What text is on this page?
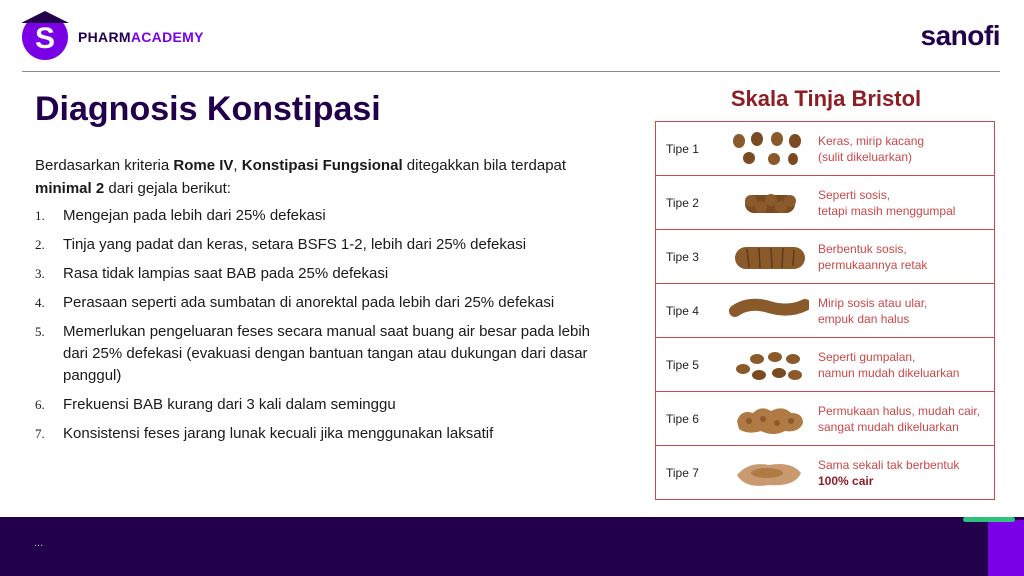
S PHARMACADEMY	sanofi
Diagnosis Konstipasi

Berdasarkan kriteria Rome IV, Konstipasi Fungsional ditegakkan bila terdapat minimal 2 dari gejala berikut:

1.	Mengejan pada lebih dari 25% defekasi
2.	Tinja yang padat dan keras, setara BSFS 1-2, lebih dari 25% defekasi
3.	Rasa tidak lampias saat BAB pada 25% defekasi
4.	Perasaan seperti ada sumbatan di anorektal pada lebih dari 25% defekasi
5.	Memerlukan pengeluaran feses secara manual saat buang air besar pada lebih dari 25% defekasi (evakuasi dengan bantuan tangan atau dukungan dari dasar panggul)
6.	Frekuensi BAB kurang dari 3 kali dalam seminggu
7.	Konsistensi feses jarang lunak kecuali jika menggunakan laksatif
Skala Tinja Bristol
Tipe 1
Keras, mirip kacang
(sulit dikeluarkan)
Tipe 2
Seperti sosis,
tetapi masih menggumpal
Tipe 3
Berbentuk sosis,
permukaannya retak
Tipe 4
Mirip sosis atau ular,
empuk dan halus
Tipe 5
Seperti gumpalan,
namun mudah dikeluarkan
Tipe 6
Permukaan halus, mudah cair,
sangat mudah dikeluarkan
Tipe 7
Sama sekali tak berbentuk
100% cair
...
